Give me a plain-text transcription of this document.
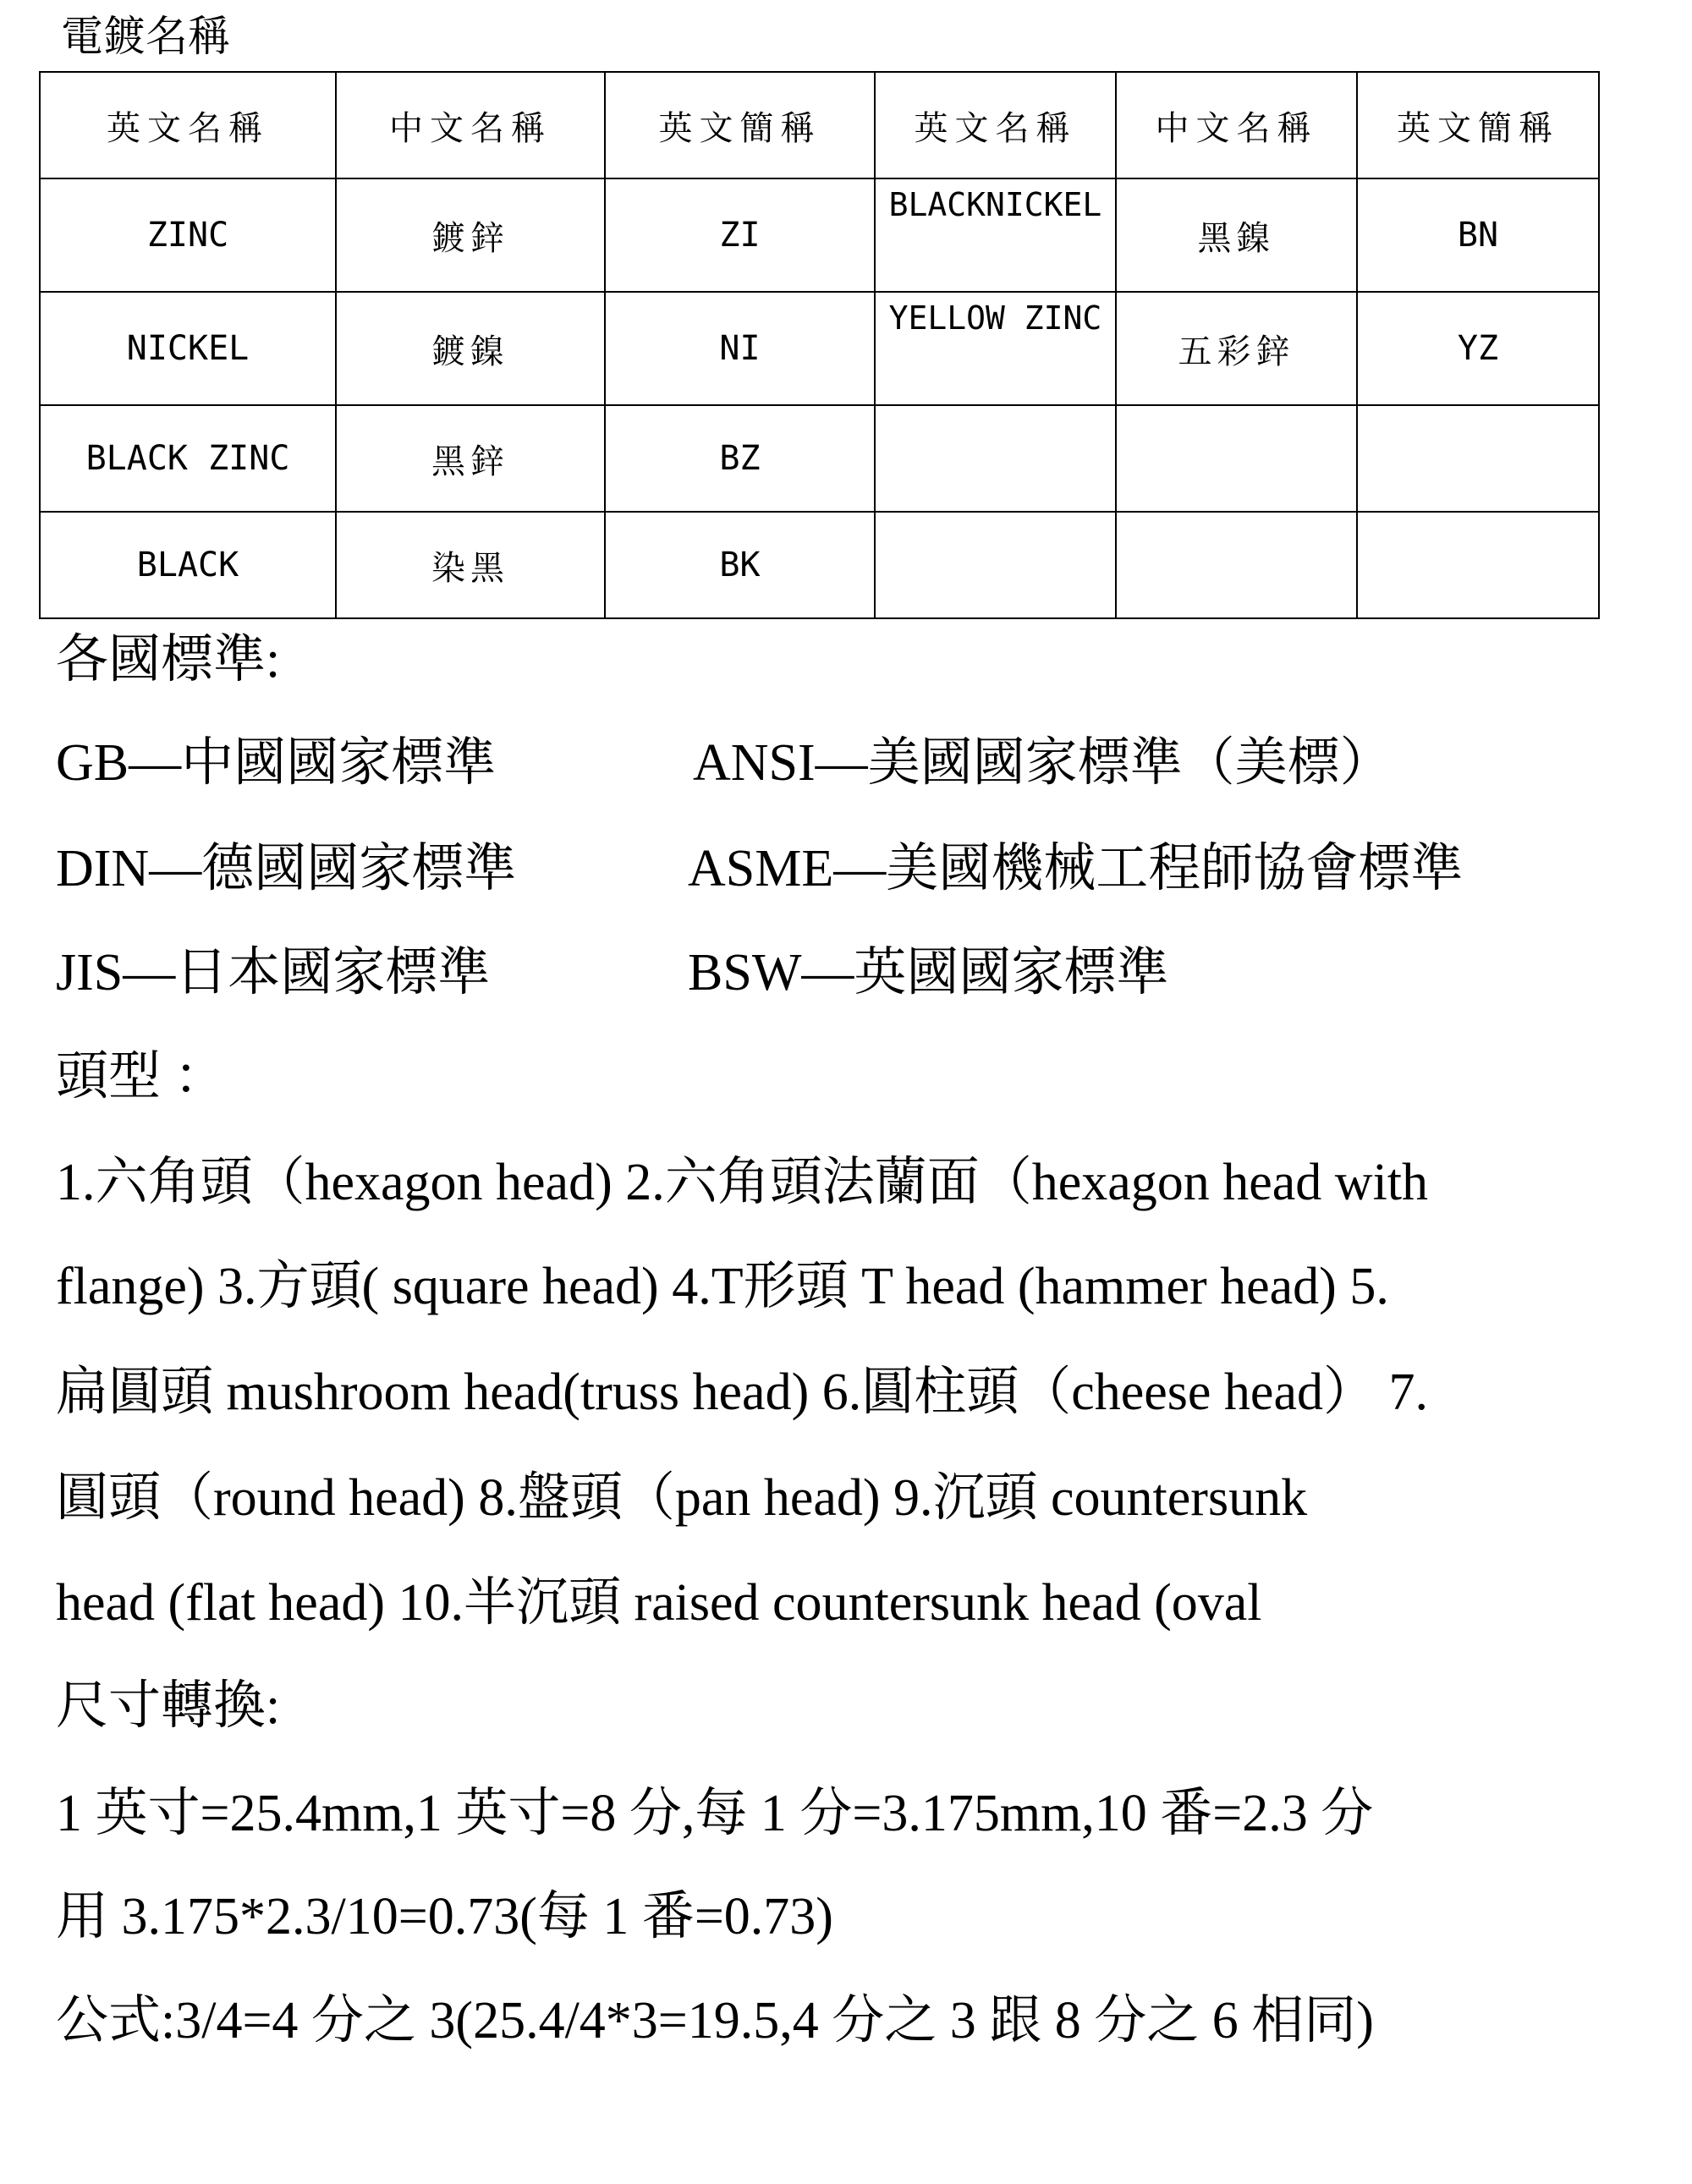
電鍍名稱
英文名稱	中文名稱	英文簡稱	英文名稱	中文名稱	英文簡稱
ZINC	鍍鋅	ZI	BLACKNICKEL	黑鎳	BN
NICKEL	鍍鎳	NI	YELLOW ZINC	五彩鋅	YZ
BLACK ZINC	黑鋅	BZ			
BLACK	染黑	BK			

各國標準:

GB—中國國家標準	ANSI—美國國家標準（美標）

DIN—德國國家標準	ASME—美國機械工程師協會標準

JIS—日本國家標準	BSW—英國國家標準

頭型 ：

1.六角頭（hexagon head) 2.六角頭法蘭面（hexagon head with

flange) 3.方頭( square head) 4.T形頭 T head (hammer head) 5.

扁圓頭 mushroom head(truss head) 6.圓柱頭（cheese head） 7.

圓頭（round head) 8.盤頭（pan head) 9.沉頭 countersunk

head (flat head) 10.半沉頭 raised countersunk head (oval

尺寸轉換:

1 英寸=25.4mm,1 英寸=8 分,每 1 分=3.175mm,10 番=2.3 分

用 3.175*2.3/10=0.73(每 1 番=0.73)

公式:3/4=4 分之 3(25.4/4*3=19.5,4 分之 3 跟 8 分之 6 相同)
